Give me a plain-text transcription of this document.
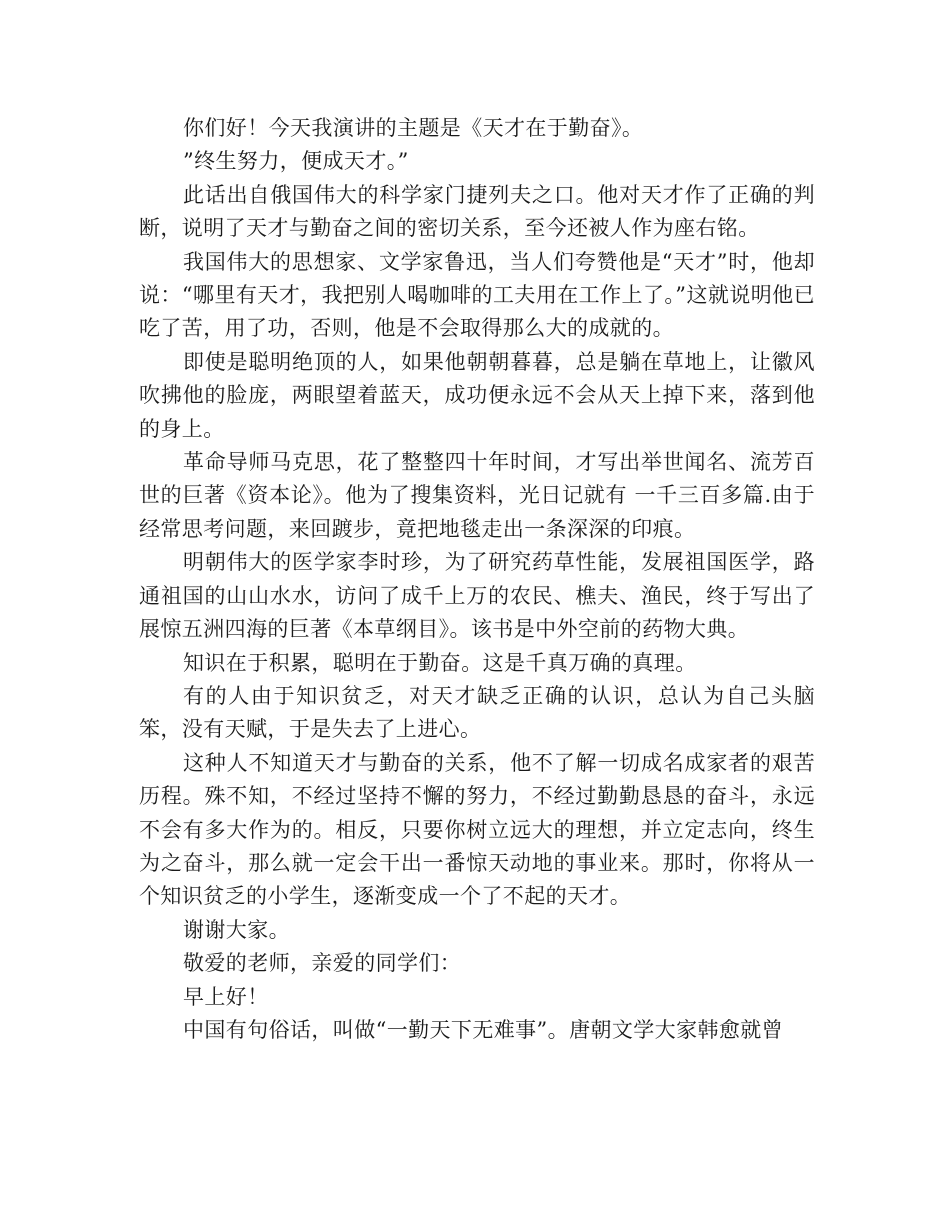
你们好！今天我演讲的主题是《天才在于勤奋》。

”终生努力，便成天才。”

此话出自俄国伟大的科学家门捷列夫之口。他对天才作了正确的判断，说明了天才与勤奋之间的密切关系，至今还被人作为座右铭。

我国伟大的思想家、文学家鲁迅，当人们夸赞他是“天才”时，他却说：“哪里有天才，我把别人喝咖啡的工夫用在工作上了。”这就说明他已吃了苦，用了功，否则，他是不会取得那么大的成就的。

即使是聪明绝顶的人，如果他朝朝暮暮，总是躺在草地上，让徽风吹拂他的脸庞，两眼望着蓝天，成功便永远不会从天上掉下来，落到他的身上。

革命导师马克思，花了整整四十年时间，才写出举世闻名、流芳百世的巨著《资本论》。他为了搜集资料，光日记就有 一千三百多篇.由于经常思考问题，来回踱步，竟把地毯走出一条深深的印痕。

明朝伟大的医学家李时珍，为了研究药草性能，发展祖国医学，路通祖国的山山水水，访问了成千上万的农民、樵夫、渔民，终于写出了展惊五洲四海的巨著《本草纲目》。该书是中外空前的药物大典。

知识在于积累，聪明在于勤奋。这是千真万确的真理。

有的人由于知识贫乏，对天才缺乏正确的认识，总认为自己头脑笨，没有天赋，于是失去了上进心。

这种人不知道天才与勤奋的关系，他不了解一切成名成家者的艰苦历程。殊不知，不经过坚持不懈的努力，不经过勤勤恳恳的奋斗，永远不会有多大作为的。相反，只要你树立远大的理想，并立定志向，终生为之奋斗，那么就一定会干出一番惊天动地的事业来。那时，你将从一个知识贫乏的小学生，逐渐变成一个了不起的天才。

谢谢大家。

敬爱的老师，亲爱的同学们：

早上好！

中国有句俗话，叫做“一勤天下无难事”。唐朝文学大家韩愈就曾
